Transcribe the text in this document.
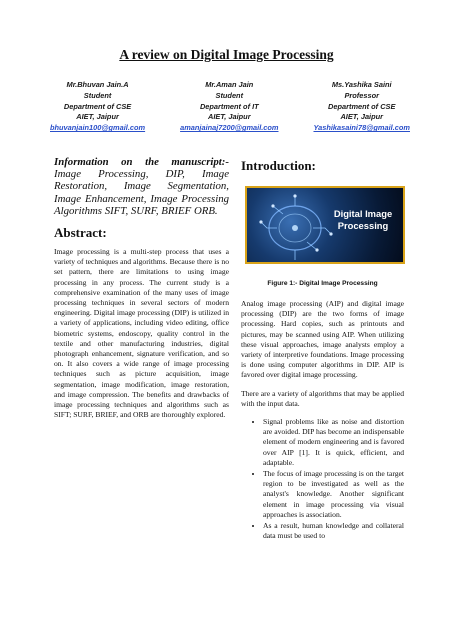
A review on Digital Image Processing
Mr.Bhuvan Jain.A
Student
Department of CSE
AIET, Jaipur
bhuvanjain100@gmail.com
Mr.Aman Jain
Student
Department of IT
AIET, Jaipur
amanjainaj7200@gmail.com
Ms.Yashika Saini
Professor
Department of CSE
AIET, Jaipur
Yashikasaini78@gmail.com

Information on the manuscript:- Image Processing, DIP, Image Restoration, Image Segmentation, Image Enhancement, Image Processing Algorithms SIFT, SURF, BRIEF ORB.

Abstract:

Image processing is a multi-step process that uses a variety of techniques and algorithms. Because there is no set pattern, there are limitations to using image processing in any process. The current study is a comprehensive examination of the many uses of image processing techniques in several sectors of modern engineering. Digital image processing (DIP) is utilized in a variety of applications, including video editing, office biometric systems, endoscopy, quality control in the textile and other manufacturing industries, digital photograph enhancement, signature verification, and so on. It also covers a wide range of image processing techniques such as picture acquisition, image segmentation, image modification, image restoration, and image compression. The benefits and drawbacks of image processing techniques and algorithms such as SIFT; SURF, BRIEF, and ORB are thoroughly explored.

Introduction:
Digital Image Processing
Figure 1:- Digital Image Processing

Analog image processing (AIP) and digital image processing (DIP) are the two forms of image processing. Hard copies, such as printouts and pictures, may be scanned using AIP. When utilizing these visual approaches, image analysts employ a variety of interpretive foundations. Image processing is done using computer algorithms in DIP. AIP is favored over digital image processing.

There are a variety of algorithms that may be applied with the input data.

• Signal problems like as noise and distortion are avoided. DIP has become an indispensable element of modern engineering and is favored over AIP [1]. It is quick, efficient, and adaptable.
• The focus of image processing is on the target region to be investigated as well as the analyst's knowledge. Another significant element in image processing via visual approaches is association.
• As a result, human knowledge and collateral data must be used to
